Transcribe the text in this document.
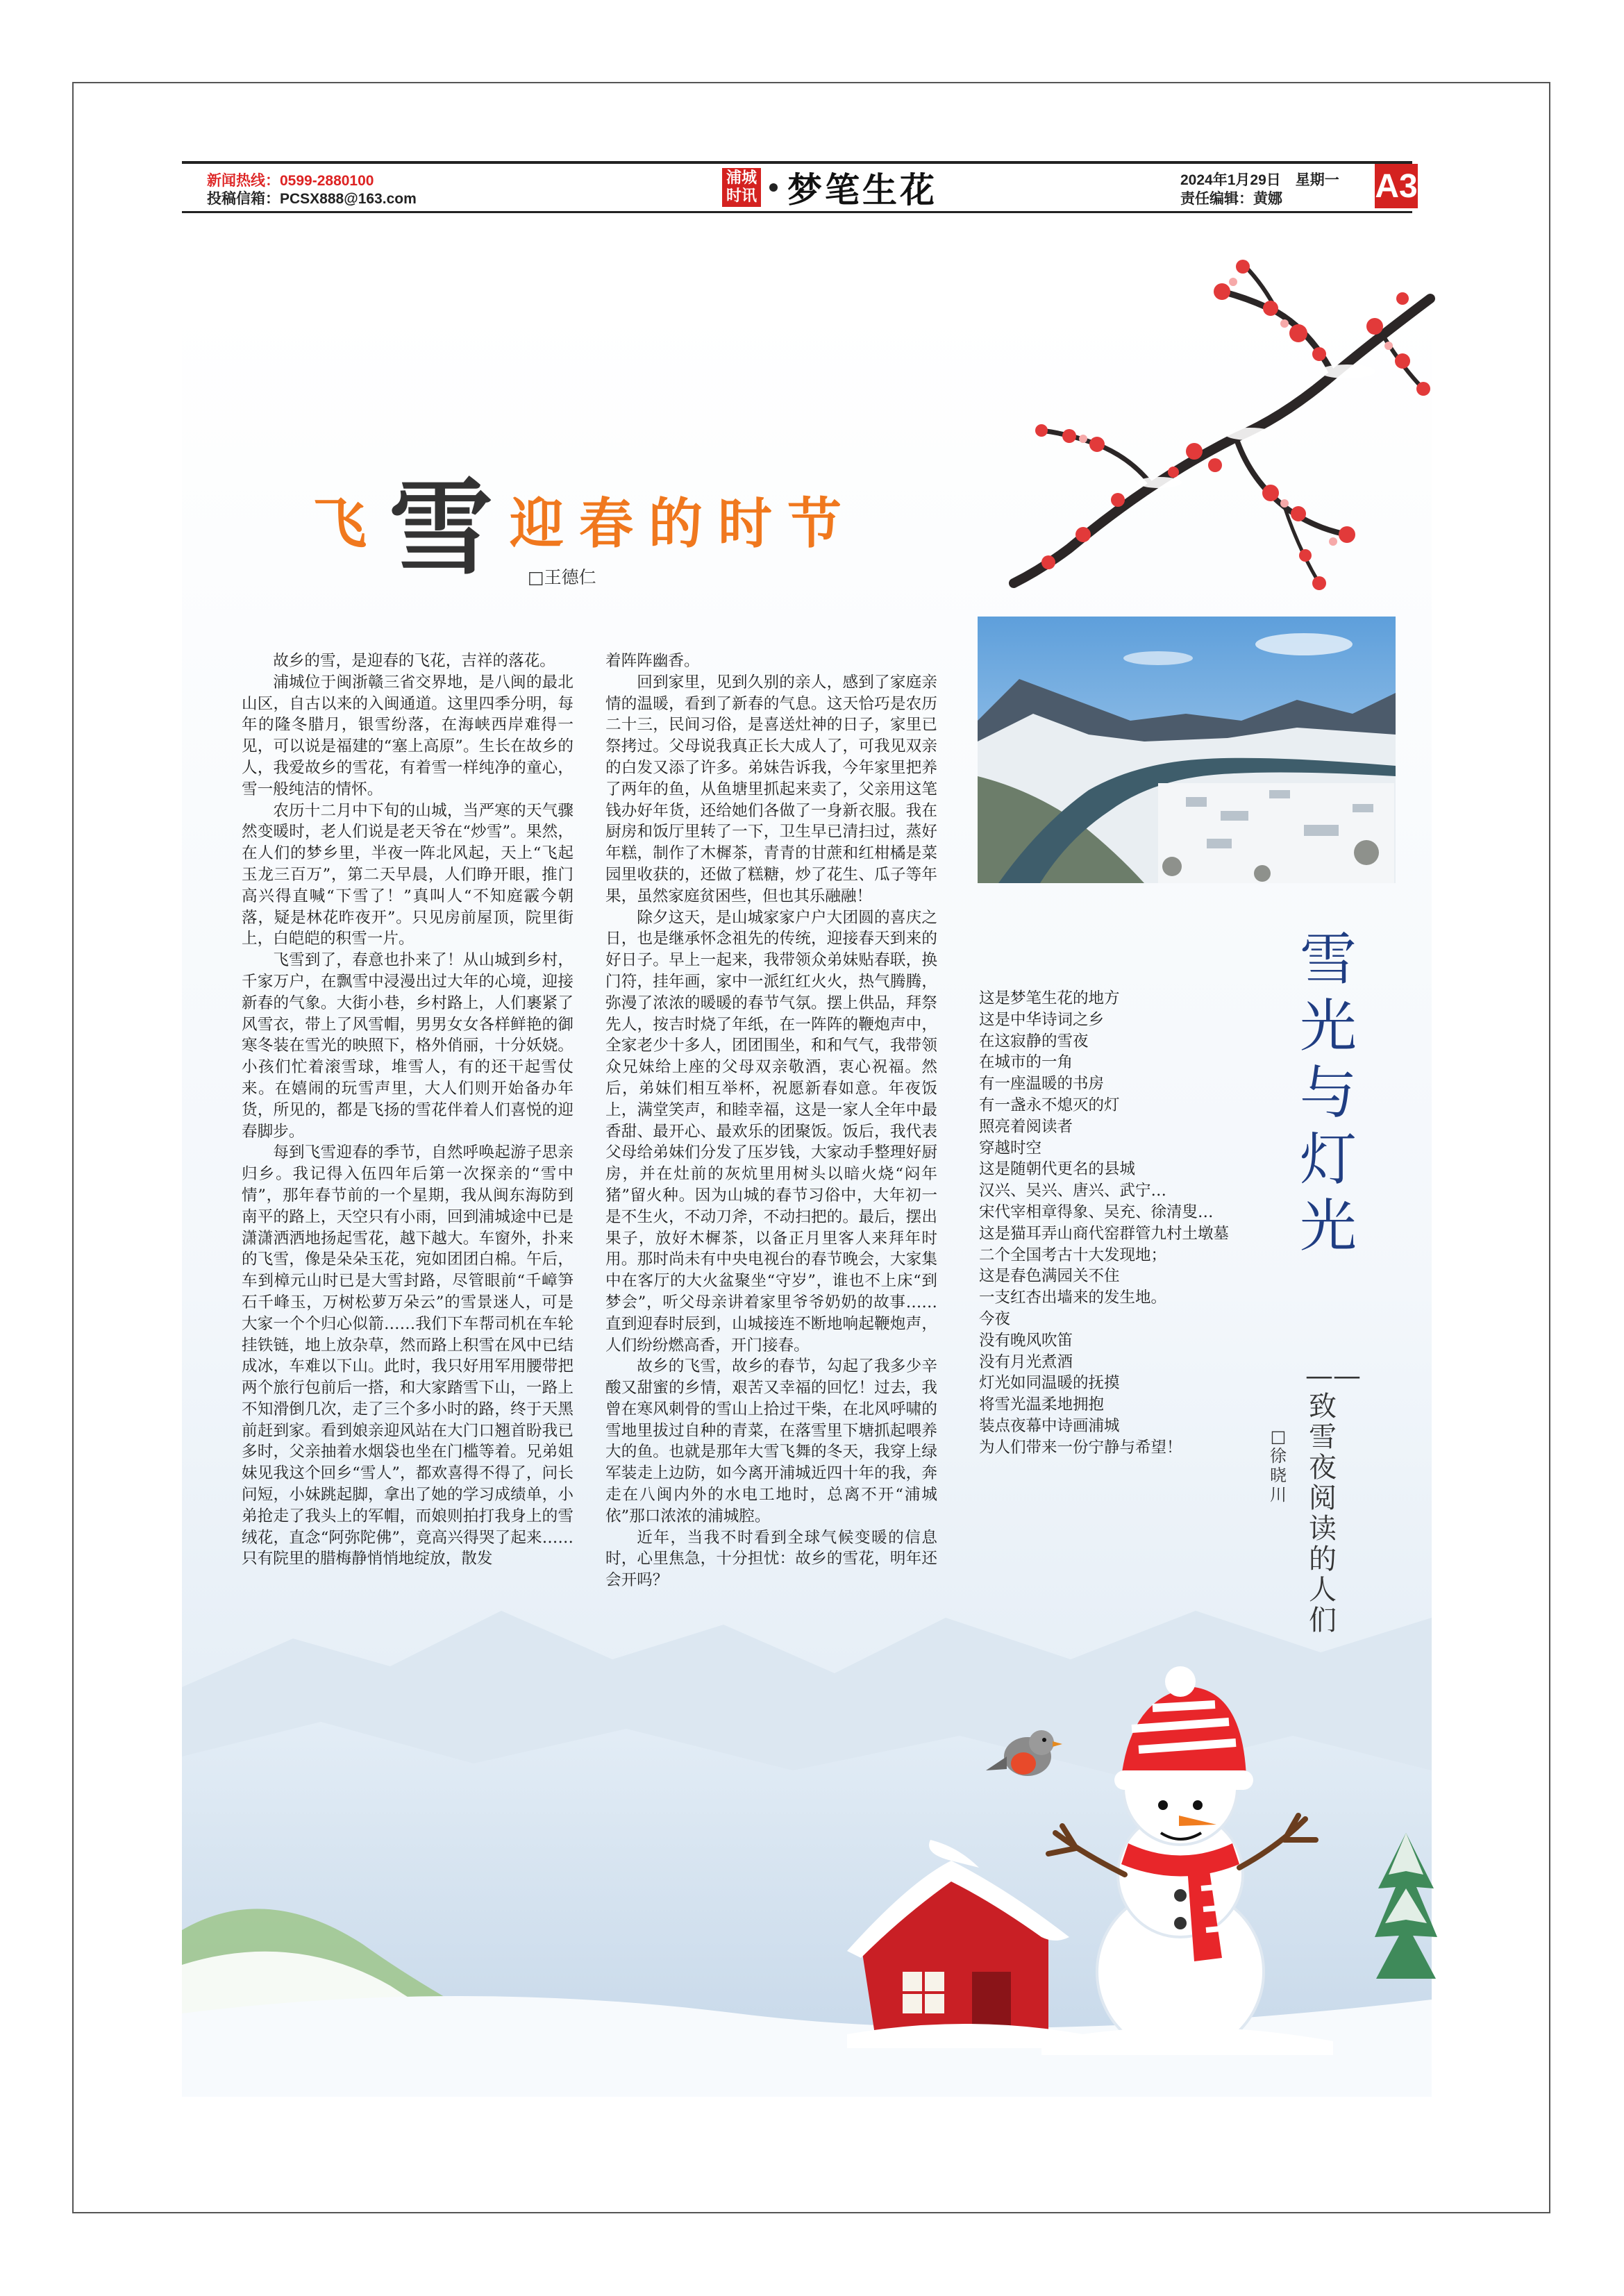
新闻热线：0599-2880100
投稿信箱：PCSX888@163.com
浦城
时讯 梦笔生花	2024年1月29日　星期一
责任编辑：黄娜	A3
飞 雪 迎春的时节
□王德仁

故乡的雪，是迎春的飞花，吉祥的落花。

浦城位于闽浙赣三省交界地，是八闽的最北山区，自古以来的入闽通道。这里四季分明，每年的隆冬腊月，银雪纷落，在海峡西岸难得一见，可以说是福建的“塞上高原”。生长在故乡的人，我爱故乡的雪花，有着雪一样纯净的童心，雪一般纯洁的情怀。

农历十二月中下旬的山城，当严寒的天气骤然变暖时，老人们说是老天爷在“炒雪”。果然，在人们的梦乡里，半夜一阵北风起，天上“飞起玉龙三百万”，第二天早晨，人们睁开眼，推门高兴得直喊“下雪了！”真叫人“不知庭霰今朝落，疑是林花昨夜开”。只见房前屋顶，院里街上，白皑皑的积雪一片。

飞雪到了，春意也扑来了！从山城到乡村，千家万户，在飘雪中浸漫出过大年的心境，迎接新春的气象。大街小巷，乡村路上，人们裹紧了风雪衣，带上了风雪帽，男男女女各样鲜艳的御寒冬装在雪光的映照下，格外俏丽，十分妖娆。小孩们忙着滚雪球，堆雪人，有的还干起雪仗来。在嬉闹的玩雪声里，大人们则开始备办年货，所见的，都是飞扬的雪花伴着人们喜悦的迎春脚步。

每到飞雪迎春的季节，自然呼唤起游子思亲归乡。我记得入伍四年后第一次探亲的“雪中情”，那年春节前的一个星期，我从闽东海防到南平的路上，天空只有小雨，回到浦城途中已是潇潇洒洒地扬起雪花，越下越大。车窗外，扑来的飞雪，像是朵朵玉花，宛如团团白棉。午后，车到樟元山时已是大雪封路，尽管眼前“千嶂笋石千峰玉，万树松萝万朵云”的雪景迷人，可是大家一个个归心似箭……我们下车帮司机在车轮挂铁链，地上放杂草，然而路上积雪在风中已结成冰，车难以下山。此时，我只好用军用腰带把两个旅行包前后一搭，和大家踏雪下山，一路上不知滑倒几次，走了三个多小时的路，终于天黑前赶到家。看到娘亲迎风站在大门口翘首盼我已多时，父亲抽着水烟袋也坐在门槛等着。兄弟姐妹见我这个回乡“雪人”，都欢喜得不得了，问长问短，小妹跳起脚，拿出了她的学习成绩单，小弟抢走了我头上的军帽，而娘则拍打我身上的雪绒花，直念“阿弥陀佛”，竟高兴得哭了起来……只有院里的腊梅静悄悄地绽放，散发

着阵阵幽香。

回到家里，见到久别的亲人，感到了家庭亲情的温暖，看到了新春的气息。这天恰巧是农历二十三，民间习俗，是喜送灶神的日子，家里已祭拷过。父母说我真正长大成人了，可我见双亲的白发又添了许多。弟妹告诉我，今年家里把养了两年的鱼，从鱼塘里抓起来卖了，父亲用这笔钱办好年货，还给她们各做了一身新衣服。我在厨房和饭厅里转了一下，卫生早已清扫过，蒸好年糕，制作了木樨茶，青青的甘蔗和红柑橘是菜园里收获的，还做了糕糖，炒了花生、瓜子等年果，虽然家庭贫困些，但也其乐融融！

除夕这天，是山城家家户户大团圆的喜庆之日，也是继承怀念祖先的传统，迎接春天到来的好日子。早上一起来，我带领众弟妹贴春联，换门符，挂年画，家中一派红红火火，热气腾腾，弥漫了浓浓的暖暖的春节气氛。摆上供品，拜祭先人，按吉时烧了年纸，在一阵阵的鞭炮声中，全家老少十多人，团团围坐，和和气气，我带领众兄妹给上座的父母双亲敬酒，衷心祝福。然后，弟妹们相互举杯，祝愿新春如意。年夜饭上，满堂笑声，和睦幸福，这是一家人全年中最香甜、最开心、最欢乐的团聚饭。饭后，我代表父母给弟妹们分发了压岁钱，大家动手整理好厨房，并在灶前的灰炕里用树头以暗火烧“闷年猪”留火种。因为山城的春节习俗中，大年初一是不生火，不动刀斧，不动扫把的。最后，摆出果子，放好木樨茶，以备正月里客人来拜年时用。那时尚未有中央电视台的春节晚会，大家集中在客厅的大火盆聚坐“守岁”，谁也不上床“到梦会”，听父母亲讲着家里爷爷奶奶的故事……直到迎春时辰到，山城接连不断地响起鞭炮声，人们纷纷燃高香，开门接春。

故乡的飞雪，故乡的春节，勾起了我多少辛酸又甜蜜的乡情，艰苦又幸福的回忆！过去，我曾在寒风刺骨的雪山上拾过干柴，在北风呼啸的雪地里拔过自种的青菜，在落雪里下塘抓起喂养大的鱼。也就是那年大雪飞舞的冬天，我穿上绿军装走上边防，如今离开浦城近四十年的我，奔走在八闽内外的水电工地时，总离不开“浦城依”那口浓浓的浦城腔。

近年，当我不时看到全球气候变暖的信息时，心里焦急，十分担忧：故乡的雪花，明年还会开吗？

雪光与灯光
——致雪夜阅读的人们
□徐晓川
这是梦笔生花的地方
这是中华诗词之乡
在这寂静的雪夜
在城市的一角
有一座温暖的书房
有一盏永不熄灭的灯
照亮着阅读者
穿越时空
这是随朝代更名的县城
汉兴、吴兴、唐兴、武宁…
宋代宰相章得象、吴充、徐清叟…
这是猫耳弄山商代窑群管九村土墩墓
二个全国考古十大发现地；
这是春色满园关不住
一支红杏出墙来的发生地。
今夜
没有晚风吹笛
没有月光煮酒
灯光如同温暖的抚摸
将雪光温柔地拥抱
装点夜幕中诗画浦城
为人们带来一份宁静与希望！
